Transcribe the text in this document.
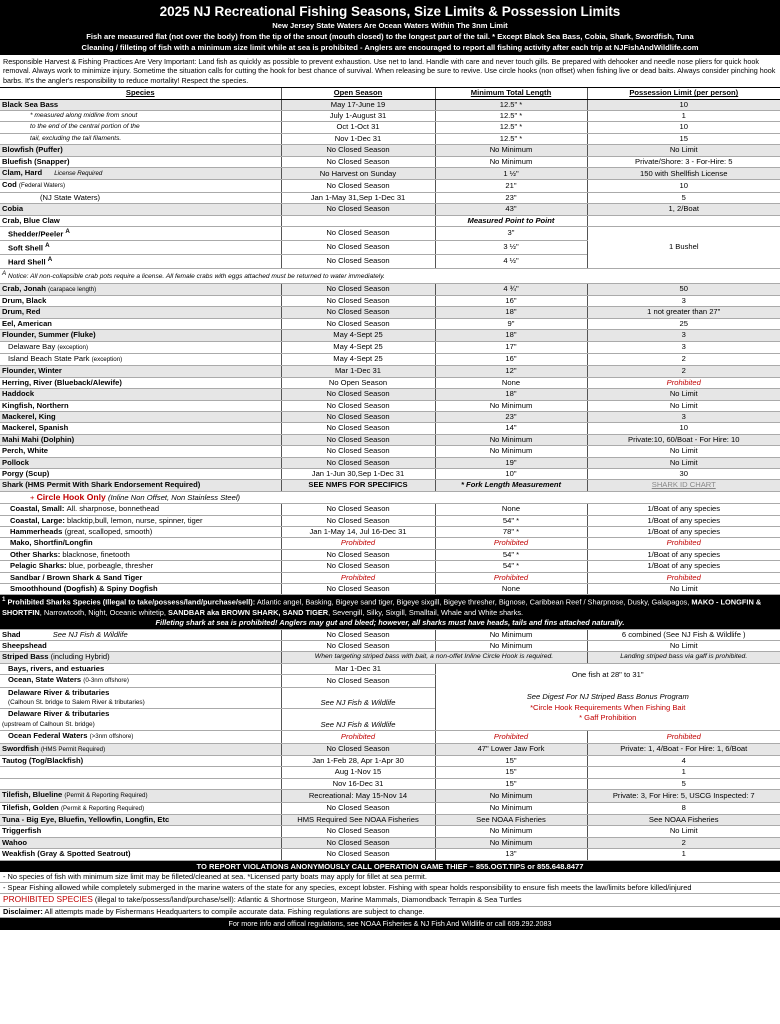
2025 NJ Recreational Fishing Seasons, Size Limits & Possession Limits
New Jersey State Waters Are Ocean Waters Within The 3nm Limit
Fish are measured flat (not over the body) from the tip of the snout (mouth closed) to the longest part of the tail. * Except Black Sea Bass, Cobia, Shark, Swordfish, Tuna
Cleaning / filleting of fish with a minimum size limit while at sea is prohibited - Anglers are encouraged to report all fishing activity after each trip at NJFishAndWildlife.com
Responsible Harvest & Fishing Practices Are Very Important: Land fish as quickly as possible to prevent exhaustion. Use net to land. Handle with care and never touch gills. Be prepared with dehooker and needle nose pliers for quick hook removal. Always work to minimize injury. Sometime the situation calls for cutting the hook for best chance of survival. When releasing be sure to revive. Use circle hooks (non offset) when fishing live or dead baits. Always consider pinching hook barbs. It's the angler's responsibility to reduce mortality! Respect the species.
Species	Open Season	Minimum Total Length	Possession Limit (per person)
Black Sea Bass	May 17-June 19	12.5" *	10
* measured along midline from snout	July 1-August 31	12.5" *	1
to the end of the central portion of the	Oct 1-Oct 31	12.5" *	10
tail, excluding the tail filaments.	Nov 1-Dec 31	12.5" *	15
Blowfish (Puffer)	No Closed Season	No Minimum	No Limit
Bluefish (Snapper)	No Closed Season	No Minimum	Private/Shore: 3 - For-Hire: 5
Clam, Hard License Required	No Harvest on Sunday	1 ½"	150 with Shellfish License
Cod (Federal Waters)	No Closed Season	21"	10
(NJ State Waters)	Jan 1-May 31,Sep 1-Dec 31	23"	5
Cobia	No Closed Season	43"	1, 2/Boat
Crab, Blue Claw		Measured Point to Point	
Shedder/Peeler $^A$	No Closed Season	3"	1 Bushel
Soft Shell $^A$	No Closed Season	3 ½"	
Hard Shell $^A$	No Closed Season	4 ½"	
$^A$ Notice: All non-collapsible crab pots require a license. All female crabs with eggs attached must be returned to water immediately.			
Crab, Jonah (carapace length)	No Closed Season	4 ¾"	50
Drum, Black	No Closed Season	16"	3
Drum, Red	No Closed Season	18"	1 not greater than 27"
Eel, American	No Closed Season	9"	25
Flounder, Summer (Fluke)	May 4-Sept 25	18"	3
Delaware Bay (exception)	May 4-Sept 25	17"	3
Island Beach State Park (exception)	May 4-Sept 25	16"	2
Flounder, Winter	Mar 1-Dec 31	12"	2
Herring, River (Blueback/Alewife)	No Open Season	None	Prohibited
Haddock	No Closed Season	18"	No Limit
Kingfish, Northern	No Closed Season	No Minimum	No Limit
Mackerel, King	No Closed Season	23"	3
Mackerel, Spanish	No Closed Season	14"	10
Mahi Mahi (Dolphin)	No Closed Season	No Minimum	Private:10, 60/Boat - For Hire: 10
Perch, White	No Closed Season	No Minimum	No Limit
Pollock	No Closed Season	19"	No Limit
Porgy (Scup)	Jan 1-Jun 30,Sep 1-Dec 31	10"	30
Shark (HMS Permit With Shark Endorsement Required)	SEE NMFS FOR SPECIFICS	* Fork Length Measurement	SHARK ID CHART
+ Circle Hook Only (Inline Non Offset, Non Stainless Steel)			
Coastal, Small: All. sharpnose, bonnethead	No Closed Season	None	1/Boat of any species
Coastal, Large: blacktip,bull, lemon, nurse, spinner, tiger	No Closed Season	54" *	1/Boat of any species
Hammerheads (great, scalloped, smooth)	Jan 1-May 14, Jul 16-Dec 31	78" *	1/Boat of any species
Mako, Shortfin/Longfin	Prohibited	Prohibited	Prohibited
Other Sharks: blacknose, finetooth	No Closed Season	54" *	1/Boat of any species
Pelagic Sharks: blue, porbeagle, thresher	No Closed Season	54" *	1/Boat of any species
Sandbar / Brown Shark & Sand Tiger	Prohibited	Prohibited	Prohibited
Smoothhound (Dogfish) & Spiny Dogfish	No Closed Season	None	No Limit
$^1$ Prohibited Sharks Species (Illegal to take/possess/land/purchase/sell): Atlantic angel, Basking, Bigeye sand tiger, Bigeye sixgill, Bigeye thresher, Bignose, Caribbean Reef / Sharpnose, Dusky, Galapagos, MAKO - LONGFIN & SHORTFIN, Narrowtooth, Night, Oceanic whitetip, SANDBAR aka BROWN SHARK, SAND TIGER, Sevengill, Silky, Sixgill, Smalltail, Whale and White sharks.
Filleting shark at sea is prohibited! Anglers may gut and bleed; however, all sharks must have heads, tails and fins attached naturally.			

Shad See NJ Fish & Wildlife	No Closed Season	No Minimum	6 combined (See NJ Fish & Wildlife )
Sheepshead	No Closed Season	No Minimum	No Limit
Striped Bass (including Hybrid)	When targeting striped bass with bait, a non-offet Inline Circle Hook is required.		Landing striped bass via gaff is prohibited.
Bays, rivers, and estuaries	Mar 1-Dec 31	One fish at 28" to 31"
See Digest For NJ Striped Bass Bonus Program
*Circle Hook Requirements When Fishing Bait
* Gaff Prohibition	

Ocean, State Waters (0-3nm offshore)	No Closed Season		
Delaware River & tributaries			
(Calhoun St. bridge to Salem River & tributaries)	See NJ Fish & Wildlife		
Delaware River & tributaries			
(upstream of Calhoun St. bridge)	See NJ Fish & Wildlife		
Ocean Federal Waters (>3nm offshore)	Prohibited	Prohibited	Prohibited
Swordfish (HMS Permit Required)	No Closed Season	47" Lower Jaw Fork	Private: 1, 4/Boat - For Hire: 1, 6/Boat
Tautog (Tog/Blackfish)	Jan 1-Feb 28, Apr 1-Apr 30	15"	4
	Aug 1-Nov 15	15"	1
	Nov 16-Dec 31	15"	5
Tilefish, Blueline (Permit & Reporting Required)	Recreational: May 15-Nov 14	No Minimum	Private: 3, For Hire: 5, USCG Inspected: 7
Tilefish, Golden (Permit & Reporting Required)	No Closed Season	No Minimum	8
Tuna - Big Eye, Bluefin, Yellowfin, Longfin, Etc	HMS Required See NOAA Fisheries	See NOAA Fisheries	See NOAA Fisheries
Triggerfish	No Closed Season	No Minimum	No Limit
Wahoo	No Closed Season	No Minimum	2
Weakfish (Gray & Spotted Seatrout)	No Closed Season	13"	1
TO REPORT VIOLATIONS ANONYMOUSLY CALL OPERATION GAME THIEF – 855.OGT.TIPS or 855.648.8477
- No species of fish with minimum size limit may be filleted/cleaned at sea. *Licensed party boats may apply for fillet at sea permit.
- Spear Fishing allowed while completely submerged in the marine waters of the state for any species, except lobster. Fishing with spear holds responsibility to ensure fish meets the law/limits before killed/injured
PROHIBITED SPECIES (illegal to take/possess/land/purchase/sell): Atlantic & Shortnose Sturgeon, Marine Mammals, Diamondback Terrapin & Sea Turtles
Disclaimer: All attempts made by Fishermans Headquarters to compile accurate data. Fishing regulations are subject to change.
For more info and offical regulations, see NOAA Fisheries & NJ Fish And Wildlife or call 609.292.2083
